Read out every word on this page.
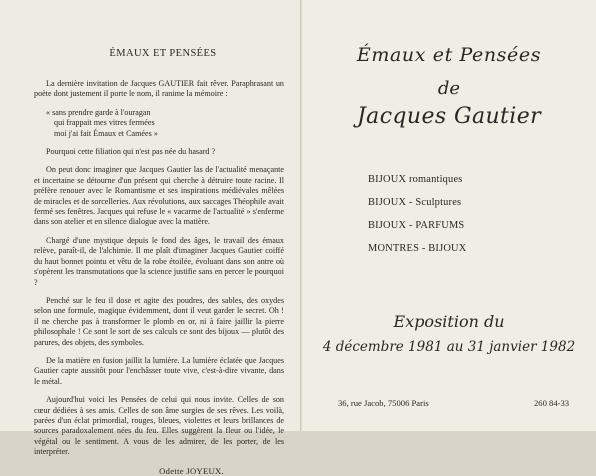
ÉMAUX ET PENSÉES

La dernière invitation de Jacques GAUTIER fait rêver. Paraphrasant un poète dont justement il porte le nom, il ranime la mémoire :

« sans prendre garde à l'ouragan
qui frappait mes vitres fermées
moi j'ai fait Émaux et Camées »

Pourquoi cette filiation qui n'est pas née du hasard ?

On peut donc imaginer que Jacques Gautier las de l'actualité menaçante et incertaine se détourne d'un présent qui cherche à détruire toute racine. Il préfère renouer avec le Romantisme et ses inspirations médiévales mêlées de miracles et de sorcelleries. Aux révolutions, aux saccages Théophile avait fermé ses fenêtres. Jacques qui refuse le « vacarme de l'actualité » s'enferme dans son atelier et en silence dialogue avec la matière.

Chargé d'une mystique depuis le fond des âges, le travail des émaux relève, paraît-il, de l'alchimie. Il me plaît d'imaginer Jacques Gautier coiffé du haut bonnet pointu et vêtu de la robe étoilée, évoluant dans son antre où s'opèrent les transmutations que la science justifie sans en percer le pourquoi ?

Penché sur le feu il dose et agite des poudres, des sables, des oxydes selon une formule, magique évidemment, dont il veut garder le secret. Oh ! il ne cherche pas à transformer le plomb en or, ni à faire jaillir la pierre philosophale ! Ce sont le sort de ses calculs ce sont des bijoux — plutôt des parures, des objets, des symboles.

De la matière en fusion jaillit la lumière. La lumière éclatée que Jacques Gautier capte aussitôt pour l'enchâsser toute vive, c'est-à-dire vivante, dans le métal.

Aujourd'hui voici les Pensées de celui qui nous invite. Celles de son cœur dédiées à ses amis. Celles de son âme surgies de ses rêves. Les voilà, parées d'un éclat primordial, rouges, bleues, violettes et leurs brillances de sources paradoxalement nées du feu. Elles suggèrent la fleur ou l'idée, le végétal ou le sentiment. A vous de les admirer, de les porter, de les interpréter.

Odette JOYEUX.
Émaux et Pensées
de
Jacques Gautier
BIJOUX romantiques
BIJOUX - Sculptures
BIJOUX - PARFUMS
MONTRES - BIJOUX
Exposition du
4 décembre 1981 au 31 janvier 1982
36, rue Jacob, 75006 Paris	260 84-33
